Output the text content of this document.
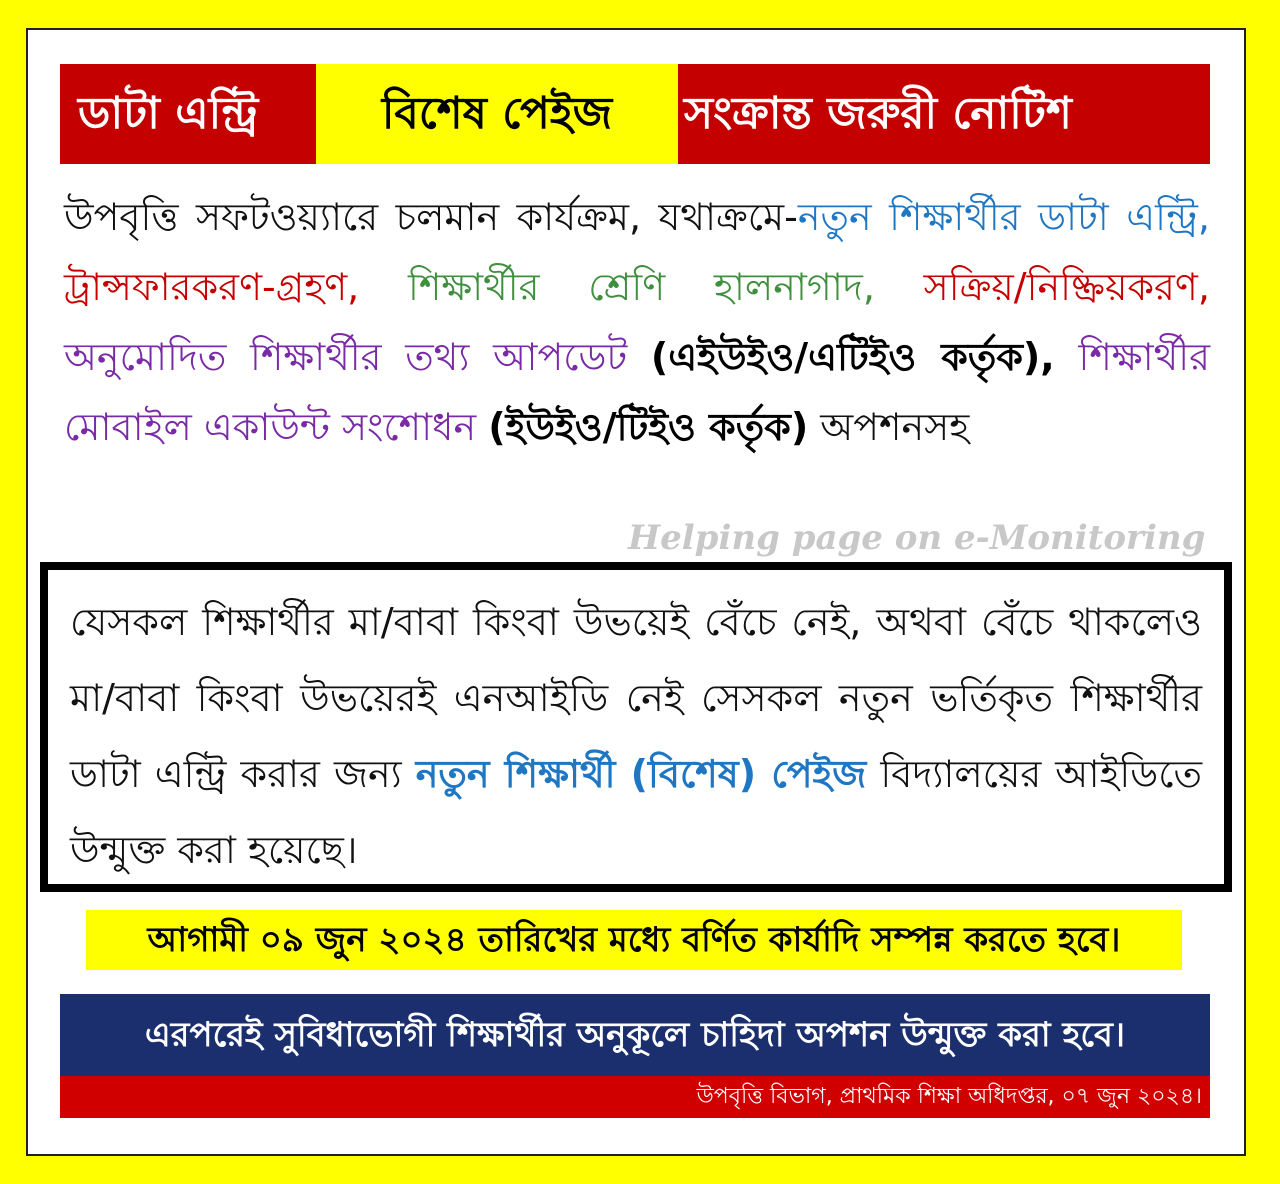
ডাটা এন্ট্রি	বিশেষ পেইজ	সংক্রান্ত জরুরী নোটিশ
উপবৃত্তি সফটওয়্যারে চলমান কার্যক্রম, যথাক্রমে-নতুন শিক্ষার্থীর ডাটা এন্ট্রি, ট্রান্সফারকরণ-গ্রহণ, শিক্ষার্থীর শ্রেণি হালনাগাদ, সক্রিয়/নিষ্ক্রিয়করণ, অনুমোদিত শিক্ষার্থীর তথ্য আপডেট (এইউইও/এটিইও কর্তৃক), শিক্ষার্থীর মোবাইল একাউন্ট সংশোধন (ইউইও/টিইও কর্তৃক) অপশনসহ
Helping page on e-Monitoring
যেসকল শিক্ষার্থীর মা/বাবা কিংবা উভয়েই বেঁচে নেই, অথবা বেঁচে থাকলেও মা/বাবা কিংবা উভয়েরই এনআইডি নেই সেসকল নতুন ভর্তিকৃত শিক্ষার্থীর ডাটা এন্ট্রি করার জন্য নতুন শিক্ষার্থী (বিশেষ) পেইজ বিদ্যালয়ের আইডিতে উন্মুক্ত করা হয়েছে।
আগামী ০৯ জুন ২০২৪ তারিখের মধ্যে বর্ণিত কার্যাদি সম্পন্ন করতে হবে।
এরপরেই সুবিধাভোগী শিক্ষার্থীর অনুকূলে চাহিদা অপশন উন্মুক্ত করা হবে।
উপবৃত্তি বিভাগ, প্রাথমিক শিক্ষা অধিদপ্তর, ০৭ জুন ২০২৪।
